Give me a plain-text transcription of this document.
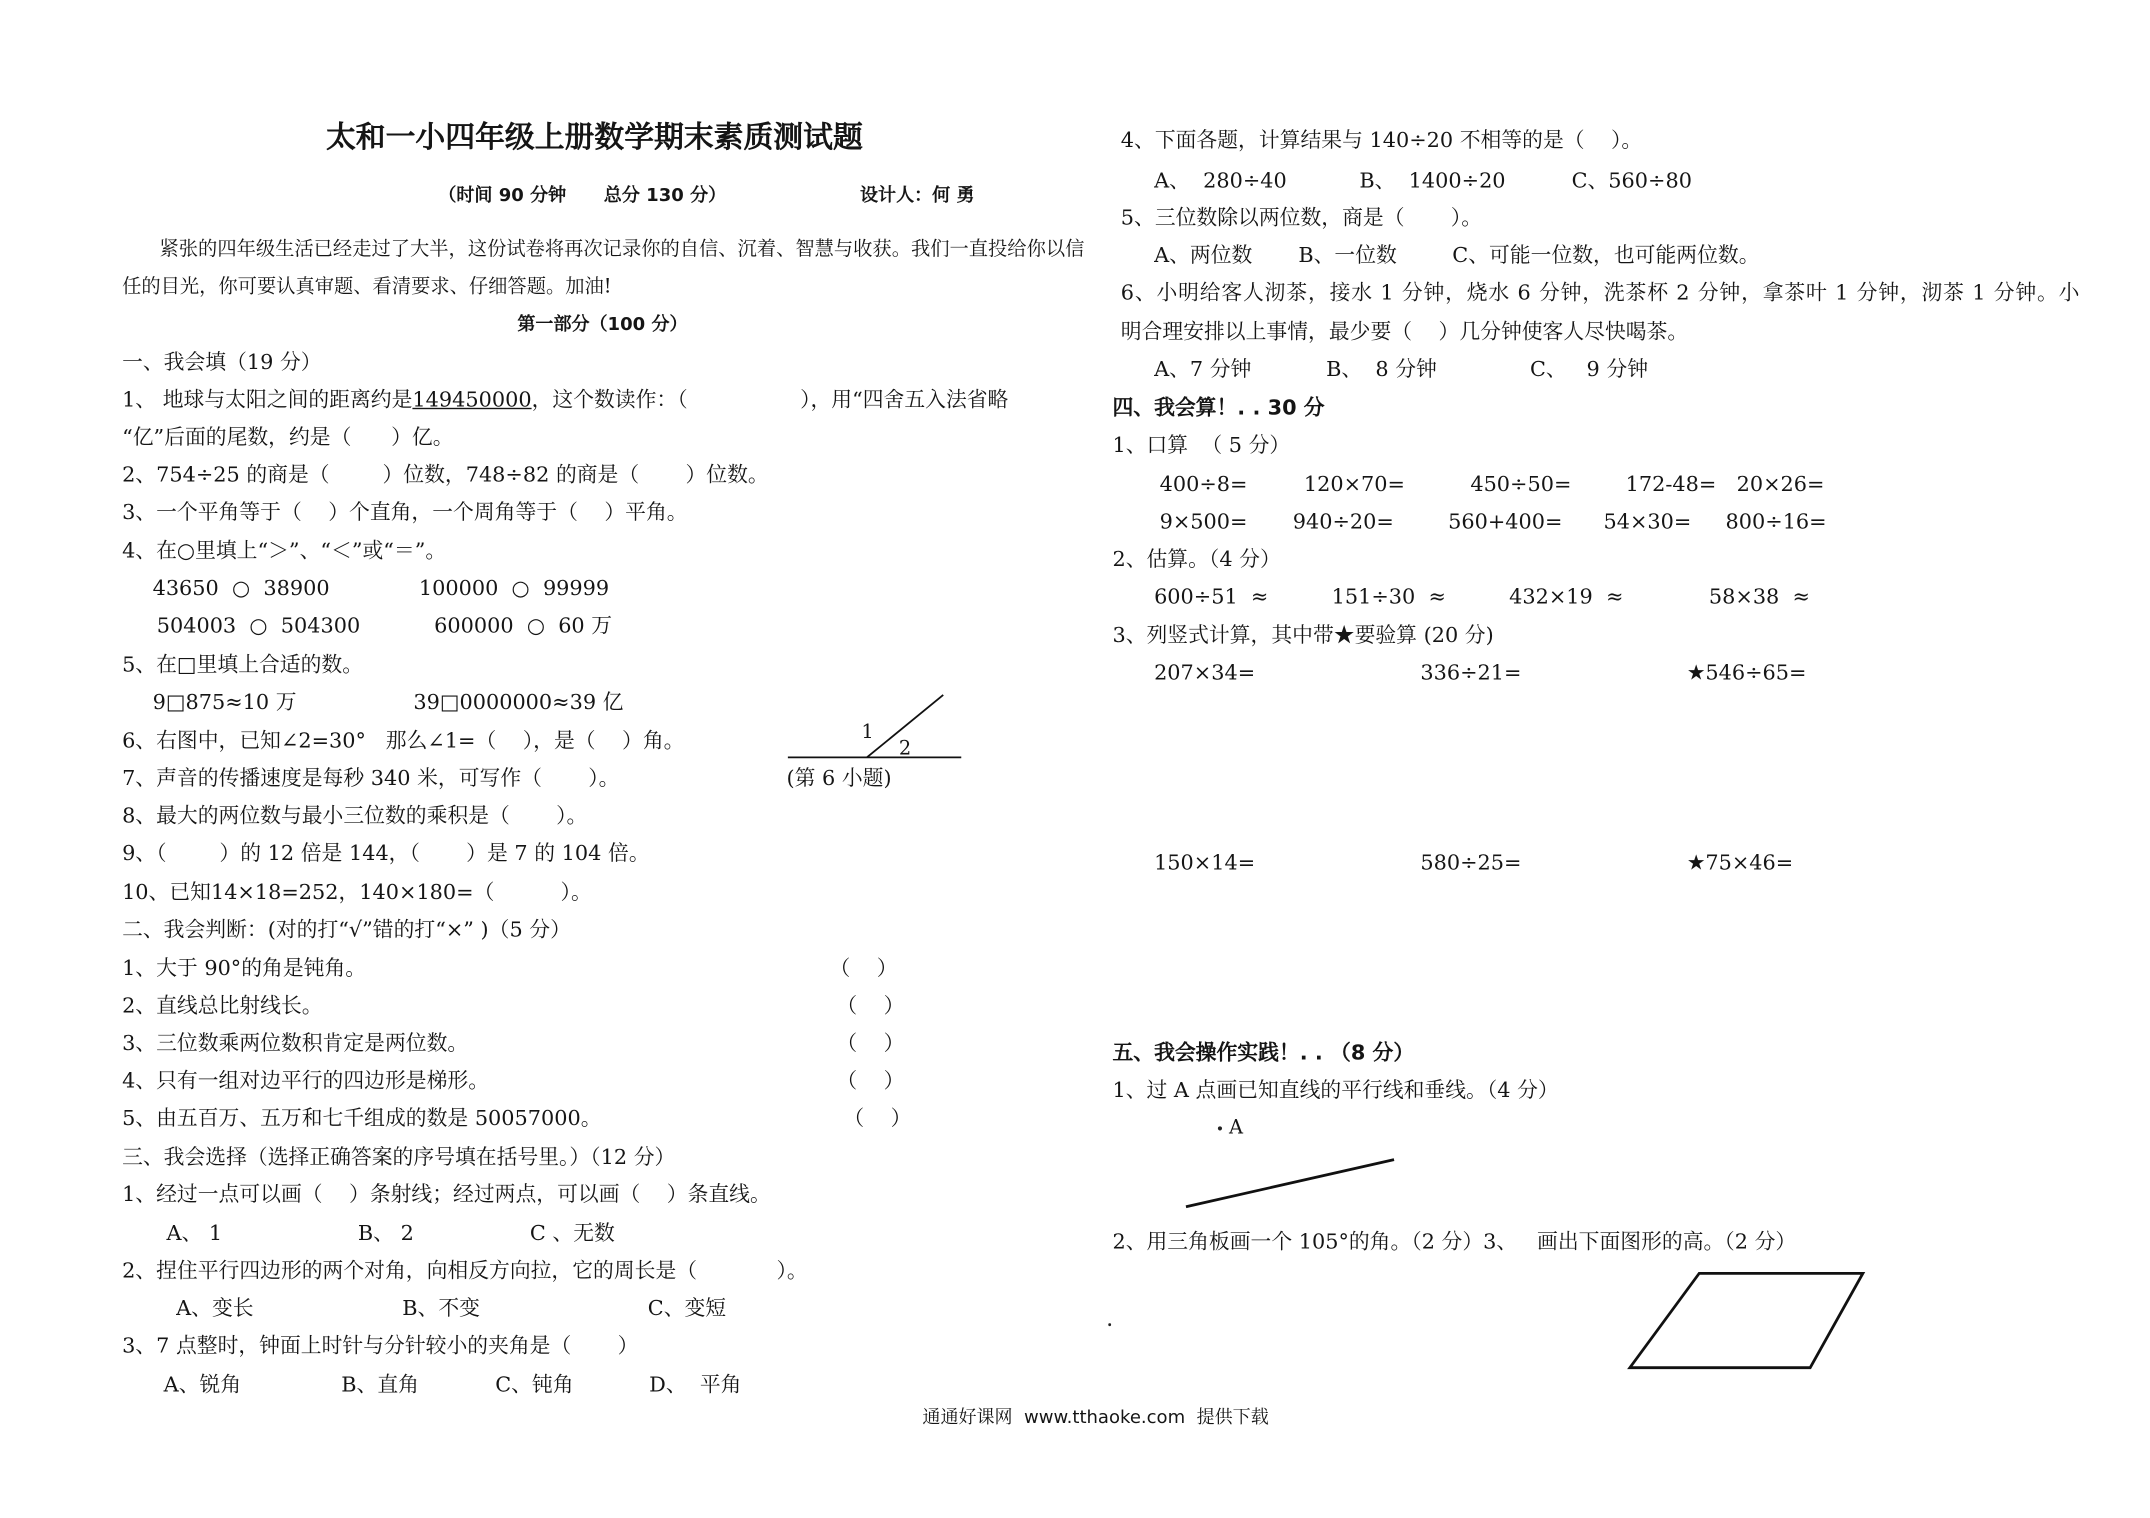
太和一小四年级上册数学期末素质测试题
（时间 90 分钟      总分 130 分）	设计人：何 勇
紧张的四年级生活已经走过了大半，这份试卷将再次记录你的自信、沉着、智慧与收获。我们一直投给你以信
任的目光，你可要认真审题、看清要求、仔细答题。加油!
第一部分（100 分）
一、我会填（19 分）
1、 地球与太阳之间的距离约是149450000，这个数读作：（                 ），用“四舍五入法省略
“亿”后面的尾数，约是（      ）亿。
2、754÷25 的商是（        ）位数，748÷82 的商是（       ）位数。
3、一个平角等于（    ）个直角，一个周角等于（    ）平角。
4、在○里填上“＞”、“＜”或“＝”。
43650  ○  38900	100000  ○  99999
504003  ○  504300	600000  ○  60 万
5、在□里填上合适的数。
9□875≈10 万	39□0000000≈39 亿
6、右图中，已知∠2=30°   那么∠1=（    ），是（    ）角。	1
2
(第 6 小题)
7、声音的传播速度是每秒 340 米，可写作（       ）。
8、最大的两位数与最小三位数的乘积是（       ）。
9、（        ）的 12 倍是 144，（       ）是 7 的 104 倍。
10、已知14×18=252，140×180=（          ）。
二、我会判断：(对的打“√”错的打“×” )（5 分）
1、大于 90°的角是钝角。	（    ）
2、直线总比射线长。	（    ）
3、三位数乘两位数积肯定是两位数。	（    ）
4、只有一组对边平行的四边形是梯形。	（    ）
5、由五百万、五万和七千组成的数是 50057000。	（    ）
三、我会选择（选择正确答案的序号填在括号里。）（12 分）
1、经过一点可以画（    ）条射线；经过两点，可以画（    ）条直线。
A、 1	B、 2	C 、无数
2、捏住平行四边形的两个对角，向相反方向拉，它的周长是（            ）。
A、变长	B、不变	C、变短
3、7 点整时，钟面上时针与分针较小的夹角是（       ）
A、锐角	B、直角	C、钝角	D、  平角
4、下面各题，计算结果与 140÷20 不相等的是（    ）。
A、  280÷40	B、  1400÷20	C、560÷80
5、三位数除以两位数，商是（       ）。
A、两位数	B、一位数	C、可能一位数，也可能两位数。
6、小明给客人沏茶，接水 1 分钟，烧水 6 分钟，洗茶杯 2 分钟，拿茶叶 1 分钟，沏茶 1 分钟。小
明合理安排以上事情，最少要（    ）几分钟使客人尽快喝茶。
A、7 分钟	B、  8 分钟	C、   9 分钟
四、我会算！. . 30 分
1、口算  （ 5 分）
400÷8=	120×70=	450÷50=	172-48= 20×26=
9×500=	940÷20=	560+400=	54×30= 800÷16=
2、估算。（4 分）
600÷51  ≈	151÷30  ≈	432×19  ≈	58×38  ≈
3、列竖式计算，其中带★要验算 (20 分)
207×34=	336÷21=	★546÷65=
150×14=	580÷25=	★75×46=
五、我会操作实践！. . （8 分）
1、过 A 点画已知直线的平行线和垂线。（4 分）
A
2、用三角板画一个 105°的角。（2 分）3、   画出下面图形的高。（2 分）
通通好课网  www.tthaoke.com  提供下载
